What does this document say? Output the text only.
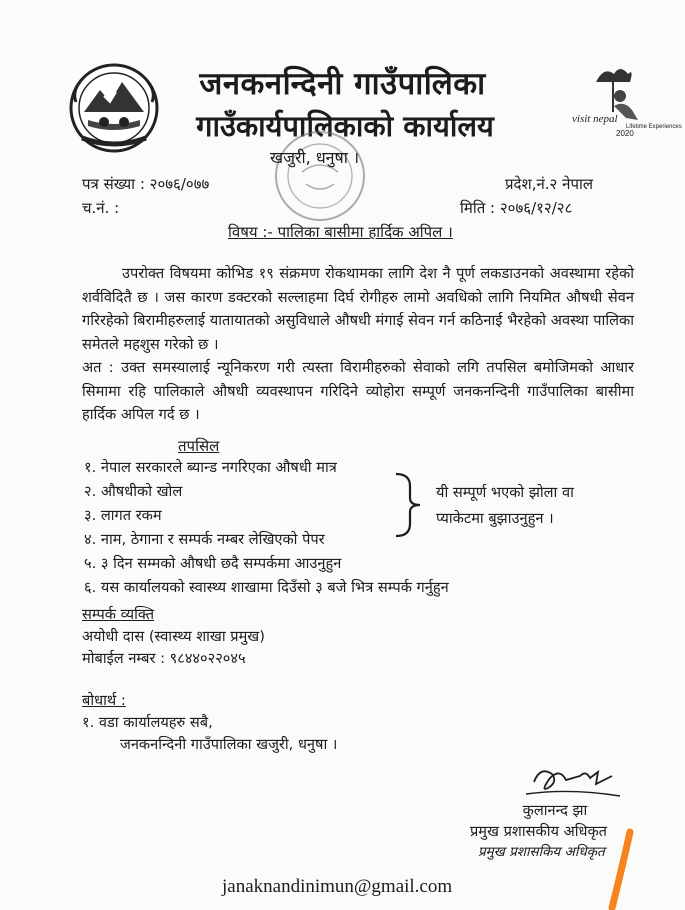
जनकनन्दिनी गाउँपालिका
गाउँकार्यपालिकाको कार्यालय
खजुरी, धनुषा ।
visit nepal
Lifetime Experiences
2020
पत्र संख्या : २०७६/०७७
च.नं. :
प्रदेश,नं.२ नेपाल
मिति : २०७६/१२/२८
विषय :- पालिका बासीमा हार्दिक अपिल ।

उपरोक्त विषयमा कोभिड १९ संक्रमण रोकथामका लागि देश नै पूर्ण लकडाउनको अवस्थामा रहेको शर्वविदितै छ । जस कारण डक्टरको सल्लाहमा दिर्घ रोगीहरु लामो अवधिको लागि नियमित औषधी सेवन गरिरहेको बिरामीहरुलाई यातायातको असुविधाले औषधी मंगाई सेवन गर्न कठिनाई भैरहेको अवस्था पालिका समेतले महशुस गरेको छ ।

अत : उक्त समस्यालाई न्यूनिकरण गरी त्यस्ता विरामीहरुको सेवाको लगि तपसिल बमोजिमको आधार सिमामा रहि पालिकाले औषधी व्यवस्थापन गरिदिने व्योहोरा सम्पूर्ण जनकनन्दिनी गाउँपालिका बासीमा हार्दिक अपिल गर्द छ ।

तपसिल
१. नेपाल सरकारले ब्यान्ड नगरिएका औषधी मात्र
२. औषधीको खोल
३. लागत रकम
४. नाम, ठेगाना र सम्पर्क नम्बर लेखिएको पेपर
५. ३ दिन सम्मको औषधी छदै सम्पर्कमा आउनुहुन
६. यस कार्यालयको स्वास्थ्य शाखामा दिउँसो ३ बजे भित्र सम्पर्क गर्नुहुन
यी सम्पूर्ण भएको झोला वा
प्याकेटमा बुझाउनुहुन ।
सम्पर्क व्यक्ति
अयोधी दास (स्वास्थ्य शाखा प्रमुख)
मोबाईल नम्बर : ९८४४०२२०४५
बोधार्थ :
१. वडा कार्यालयहरु सबै,
जनकनन्दिनी गाउँपालिका खजुरी, धनुषा ।
कुलानन्द झा
प्रमुख प्रशासकीय अधिकृत
प्रमुख प्रशासकिय अधिकृत
janaknandinimun@gmail.com
